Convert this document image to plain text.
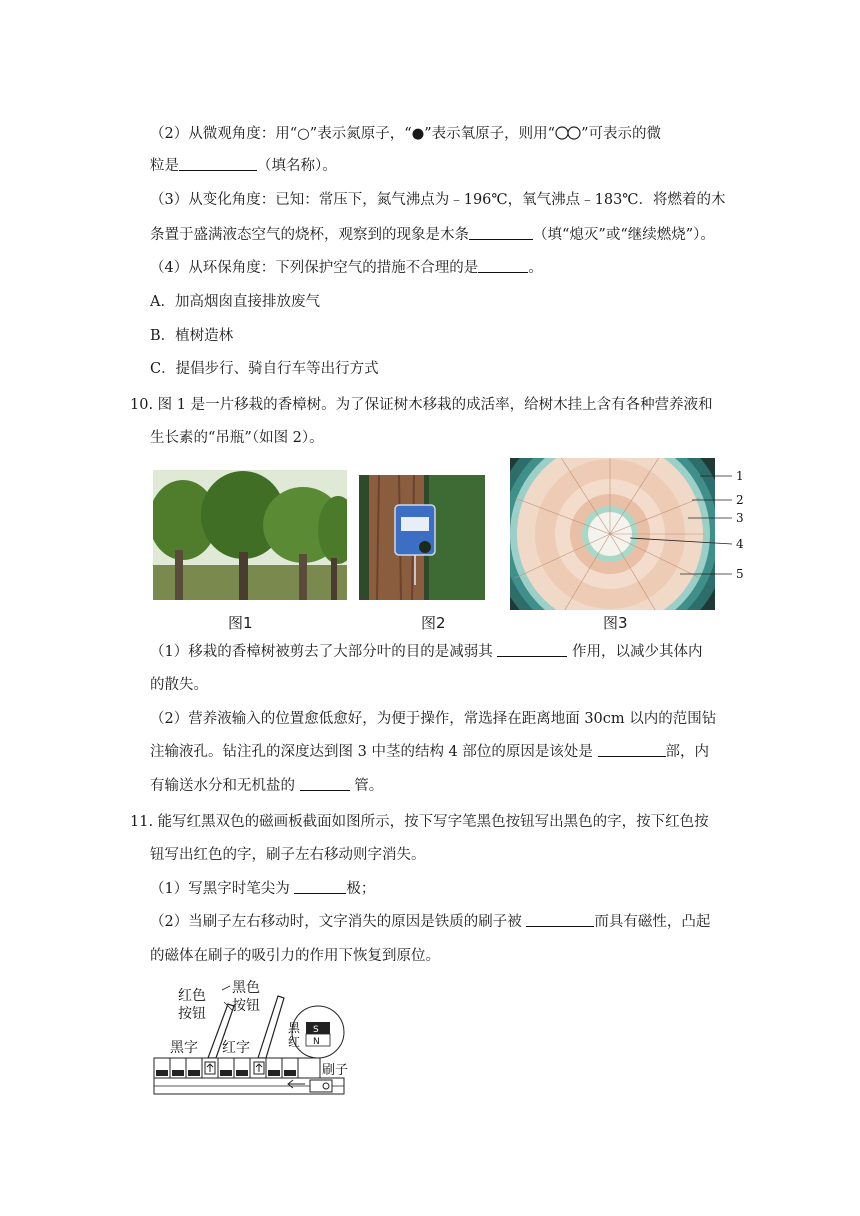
（2）从微观角度：用“○”表示氮原子，“●”表示氧原子，则用“ ”可表示的微
粒是	（填名称）。
（3）从变化角度：已知：常压下，氮气沸点为﹣196℃，氧气沸点﹣183℃．将燃着的木
条置于盛满液态空气的烧杯，观察到的现象是木条	（填“熄灭”或“继续燃烧”）。
（4）从环保角度：下列保护空气的措施不合理的是	。
A．加高烟囱直接排放废气
B．植树造林
C．提倡步行、骑自行车等出行方式
10. 图 1 是一片移栽的香樟树。为了保证树木移栽的成活率，给树木挂上含有各种营养液和
生长素的“吊瓶”（如图 2）。
图1	图2
1
2
3
4
5
图3
（1）移栽的香樟树被剪去了大部分叶的目的是减弱其	作用，以减少其体内
的散失。
（2）营养液输入的位置愈低愈好，为便于操作，常选择在距离地面 30cm 以内的范围钻
注输液孔。钻注孔的深度达到图 3 中茎的结构 4 部位的原因是该处是	部，内
有输送水分和无机盐的	管。
11. 能写红黑双色的磁画板截面如图所示，按下写字笔黑色按钮写出黑色的字，按下红色按
钮写出红色的字，刷子左右移动则字消失。
（1）写黑字时笔尖为	极；
（2）当刷子左右移动时，文字消失的原因是铁质的刷子被	而具有磁性，凸起
的磁体在刷子的吸引力的作用下恢复到原位。
红色
按钮
黑色
按钮
黑字 红字
S
N
黑
红
刷子
